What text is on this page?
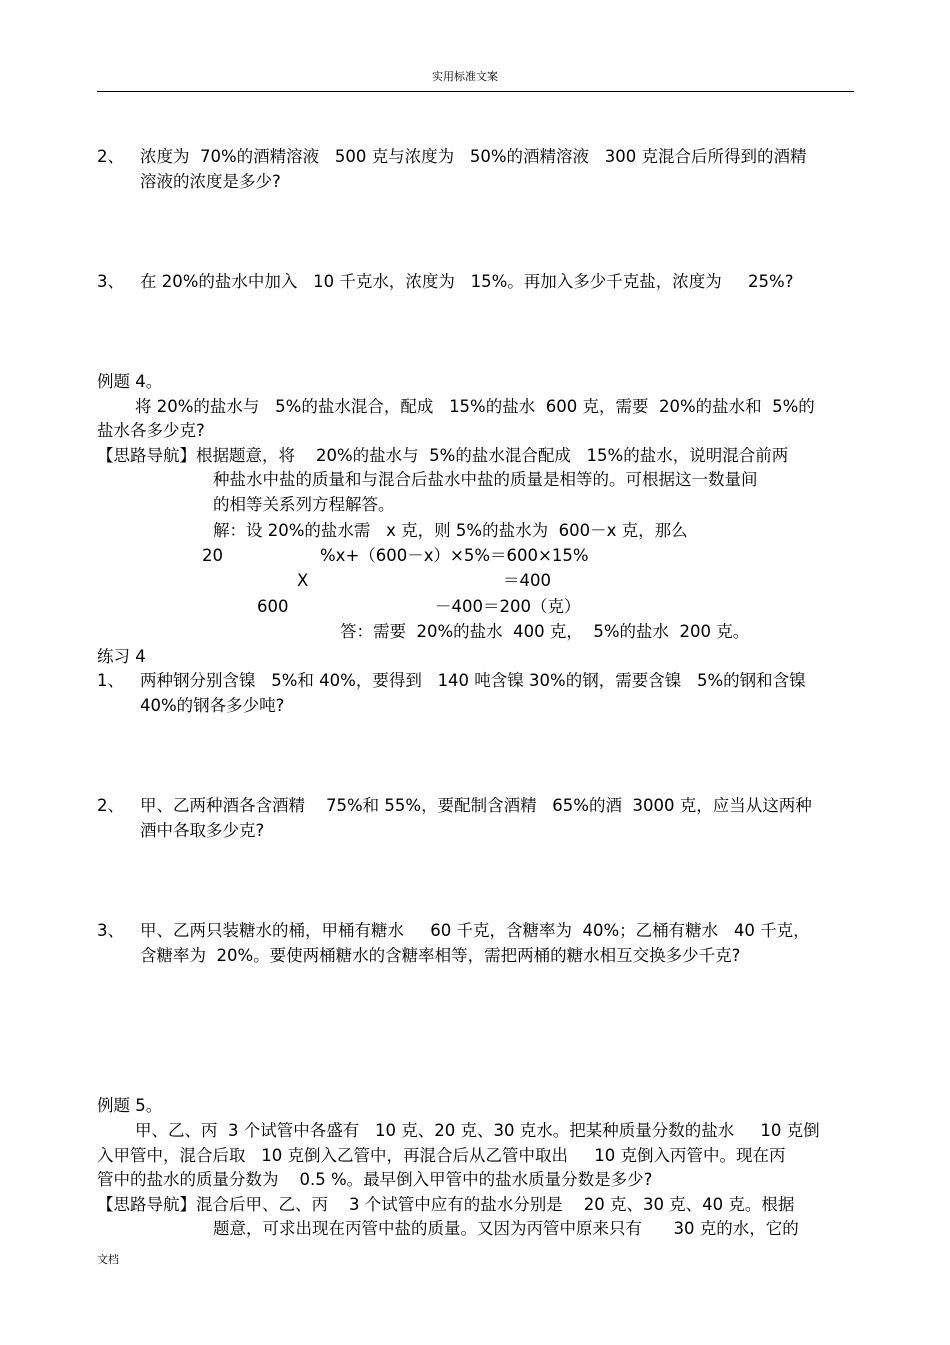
实用标准文案
2、 浓度为  70%的酒精溶液   500 克与浓度为   50%的酒精溶液   300 克混合后所得到的酒精
溶液的浓度是多少?
3、 在 20%的盐水中加入   10 千克水，浓度为   15%。再加入多少千克盐，浓度为     25%?
例题 4。
将 20%的盐水与   5%的盐水混合，配成   15%的盐水  600 克，需要  20%的盐水和  5%的
盐水各多少克?
【思路导航】根据题意，将    20%的盐水与  5%的盐水混合配成   15%的盐水，说明混合前两
种盐水中盐的质量和与混合后盐水中盐的质量是相等的。可根据这一数量间
的相等关系列方程解答。
解：设 20%的盐水需   x 克，则 5%的盐水为  600－x 克，那么
20	%x+（600－x）×5%＝600×15%
X	＝400
600	－400＝200（克）
答：需要  20%的盐水  400 克，  5%的盐水  200 克。
练习 4
1、 两种钢分别含镍   5%和 40%，要得到   140 吨含镍 30%的钢，需要含镍   5%的钢和含镍
40%的钢各多少吨?
2、 甲、乙两种酒各含酒精    75%和 55%，要配制含酒精   65%的酒  3000 克，应当从这两种
酒中各取多少克?
3、 甲、乙两只装糖水的桶，甲桶有糖水     60 千克，含糖率为  40%；乙桶有糖水   40 千克，
含糖率为  20%。要使两桶糖水的含糖率相等，需把两桶的糖水相互交换多少千克?
例题 5。
甲、乙、丙  3 个试管中各盛有   10 克、20 克、30 克水。把某种质量分数的盐水     10 克倒
入甲管中，混合后取   10 克倒入乙管中，再混合后从乙管中取出     10 克倒入丙管中。现在丙
管中的盐水的质量分数为    0.5 %。最早倒入甲管中的盐水质量分数是多少?
【思路导航】混合后甲、乙、丙    3 个试管中应有的盐水分别是    20 克、30 克、40 克。根据
题意，可求出现在丙管中盐的质量。又因为丙管中原来只有      30 克的水，它的
文档
